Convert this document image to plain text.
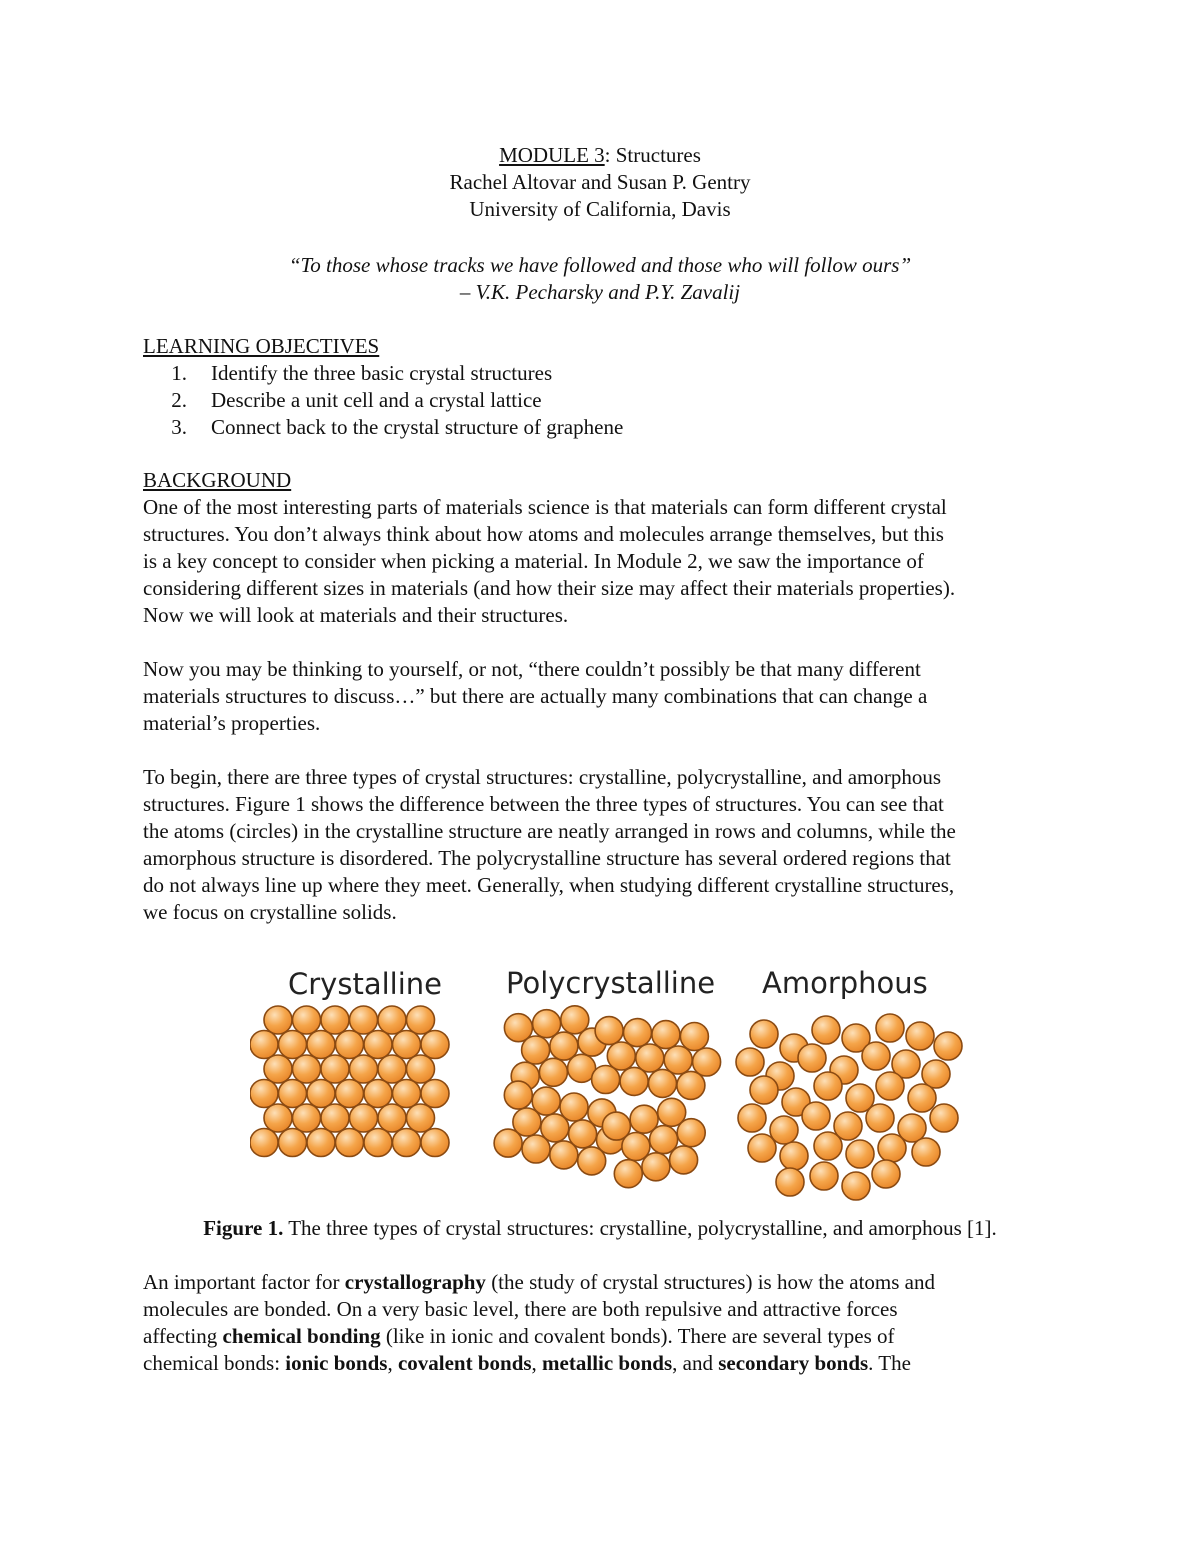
MODULE 3: Structures
Rachel Altovar and Susan P. Gentry
University of California, Davis
“To those whose tracks we have followed and those who will follow ours”
– V.K. Pecharsky and P.Y. Zavalij
LEARNING OBJECTIVES
1. Identify the three basic crystal structures
2. Describe a unit cell and a crystal lattice
3. Connect back to the crystal structure of graphene
BACKGROUND
One of the most interesting parts of materials science is that materials can form different crystal
structures. You don’t always think about how atoms and molecules arrange themselves, but this
is a key concept to consider when picking a material. In Module 2, we saw the importance of
considering different sizes in materials (and how their size may affect their materials properties).
Now we will look at materials and their structures.
Now you may be thinking to yourself, or not, “there couldn’t possibly be that many different
materials structures to discuss…” but there are actually many combinations that can change a
material’s properties.
To begin, there are three types of crystal structures: crystalline, polycrystalline, and amorphous
structures. Figure 1 shows the difference between the three types of structures. You can see that
the atoms (circles) in the crystalline structure are neatly arranged in rows and columns, while the
amorphous structure is disordered. The polycrystalline structure has several ordered regions that
do not always line up where they meet. Generally, when studying different crystalline structures,
we focus on crystalline solids.
Crystalline Polycrystalline Amorphous
Figure 1. The three types of crystal structures: crystalline, polycrystalline, and amorphous [1].
An important factor for crystallography (the study of crystal structures) is how the atoms and
molecules are bonded. On a very basic level, there are both repulsive and attractive forces
affecting chemical bonding (like in ionic and covalent bonds). There are several types of
chemical bonds: ionic bonds, covalent bonds, metallic bonds, and secondary bonds. The
